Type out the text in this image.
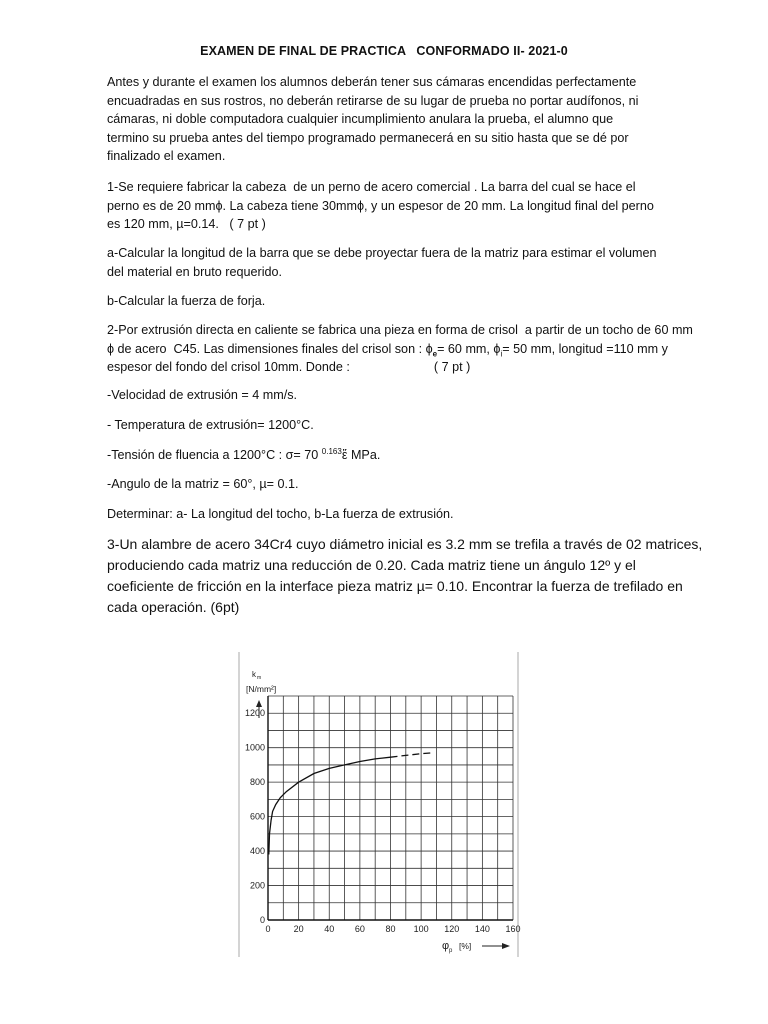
EXAMEN DE FINAL DE PRACTICA   CONFORMADO II- 2021-0
Antes y durante el examen los alumnos deberán tener sus cámaras encendidas perfectamente
encuadradas en sus rostros, no deberán retirarse de su lugar de prueba no portar audífonos, ni
cámaras, ni doble computadora cualquier incumplimiento anulara la prueba, el alumno que
termino su prueba antes del tiempo programado permanecerá en su sitio hasta que se dé por
finalizado el examen.
1-Se requiere fabricar la cabeza  de un perno de acero comercial . La barra del cual se hace el
perno es de 20 mmϕ. La cabeza tiene 30mmϕ, y un espesor de 20 mm. La longitud final del perno
es 120 mm, µ=0.14.   ( 7 pt )
a-Calcular la longitud de la barra que se debe proyectar fuera de la matriz para estimar el volumen
del material en bruto requerido.
b-Calcular la fuerza de forja.
2-Por extrusión directa en caliente se fabrica una pieza en forma de crisol  a partir de un tocho de 60 mm
ϕ de acero  C45. Las dimensiones finales del crisol son : $\phi_e= 60$ mm, $\phi_i= 50$ mm, longitud =110 mm y
espesor del fondo del crisol 10mm. Donde :                        ( 7 pt )
-Velocidad de extrusión = 4 mm/s.
- Temperatura de extrusión= 1200°C.
-Tensión de fluencia a 1200°C : σ= 70 $^{0.163}$ἕ MPa.
-Angulo de la matriz = 60°, µ= 0.1.
Determinar: a- La longitud del tocho, b-La fuerza de extrusión.
3-Un alambre de acero 34Cr4 cuyo diámetro inicial es 3.2 mm se trefila a través de 02 matrices,
produciendo cada matriz una reducción de 0.20. Cada matriz tiene un ángulo 12º y el
coeficiente de fricción en la interface pieza matriz µ= 0.10. Encontrar la fuerza de trefilado en
cada operación. (6pt)
0	20 40 60 80 100 120 140 160
0
200
400
600
800
1000
1200
k m
[N/mm²]
φ p [%]
